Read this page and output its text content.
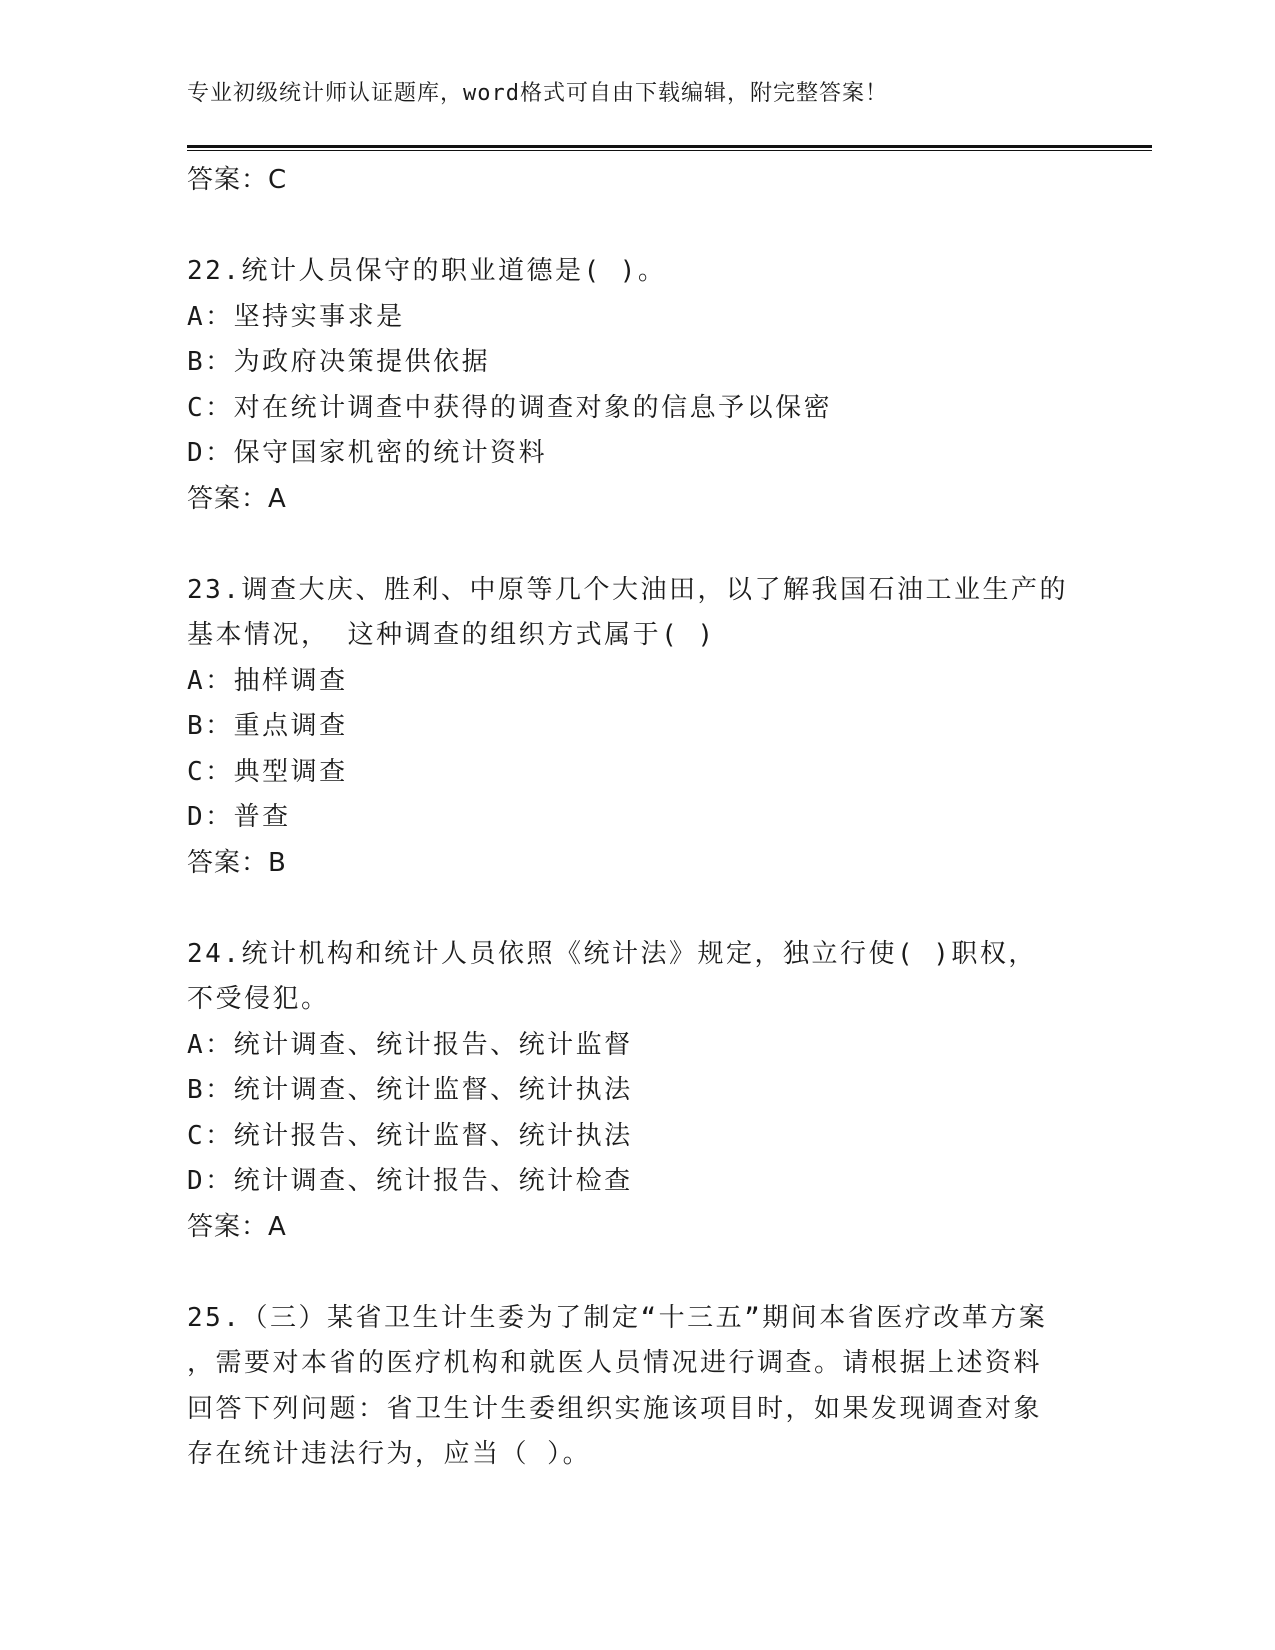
专业初级统计师认证题库，word格式可自由下载编辑，附完整答案！
答案：C
22.统计人员保守的职业道德是( )。
A：坚持实事求是
B：为政府决策提供依据
C：对在统计调查中获得的调查对象的信息予以保密
D：保守国家机密的统计资料
答案：A
23.调查大庆、胜利、中原等几个大油田，以了解我国石油工业生产的
基本情况， 这种调查的组织方式属于( )
A：抽样调查
B：重点调查
C：典型调查
D：普查
答案：B
24.统计机构和统计人员依照《统计法》规定，独立行使( )职权，
不受侵犯。
A：统计调查、统计报告、统计监督
B：统计调查、统计监督、统计执法
C：统计报告、统计监督、统计执法
D：统计调查、统计报告、统计检查
答案：A
25.（三）某省卫生计生委为了制定“十三五”期间本省医疗改革方案
，需要对本省的医疗机构和就医人员情况进行调查。请根据上述资料
回答下列问题：省卫生计生委组织实施该项目时，如果发现调查对象
存在统计违法行为，应当（ ）。
